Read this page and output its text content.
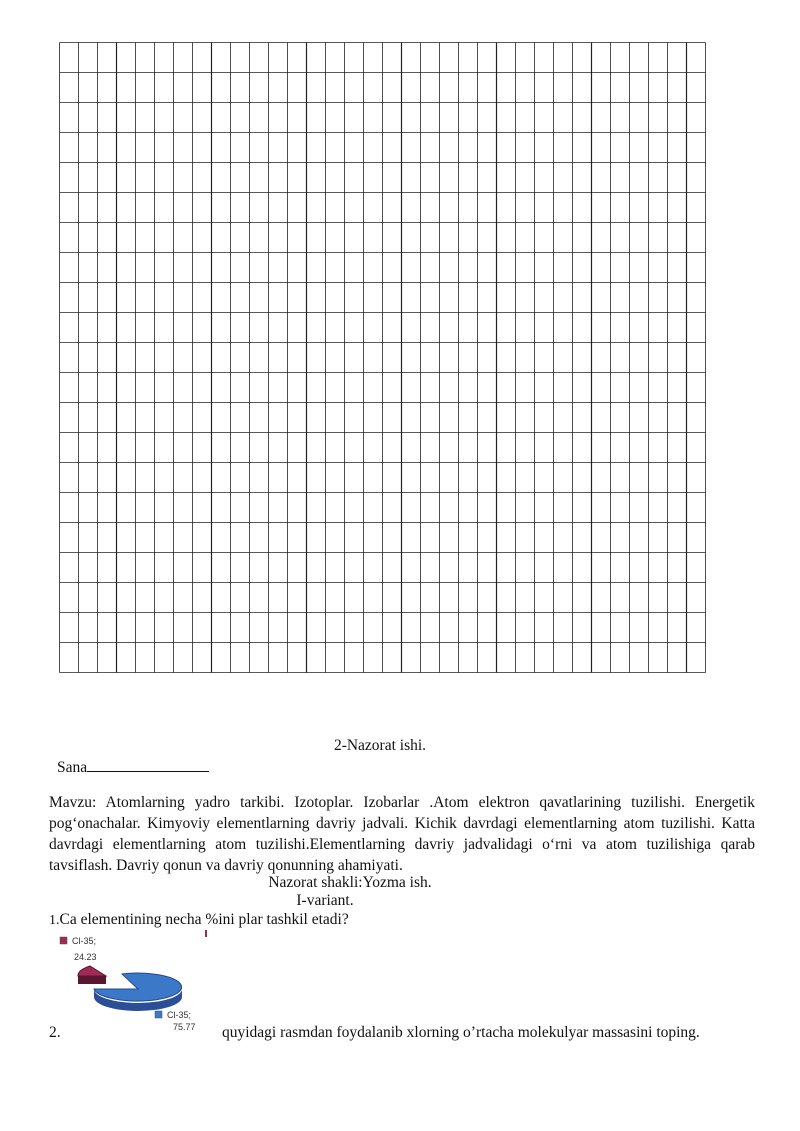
2-Nazorat ishi.
Sana
Mavzu: Atomlarning yadro tarkibi. Izotoplar. Izobarlar .Atom elektron qavatlarining tuzilishi. Energetik pog‘onachalar. Kimyoviy elementlarning davriy jadvali. Kichik davrdagi elementlarning atom tuzilishi. Katta davrdagi elementlarning atom tuzilishi.Elementlarning davriy jadvalidagi o‘rni va atom tuzilishiga qarab tavsiflash. Davriy qonun va davriy qonunning ahamiyati.
Nazorat shakli:Yozma ish.
I-variant.
1.Ca elementining necha %ini plar tashkil etadi?
Cl-35;
24.23
Cl-35;
75.77
2.	quyidagi rasmdan foydalanib xlorning o’rtacha molekulyar massasini toping.
